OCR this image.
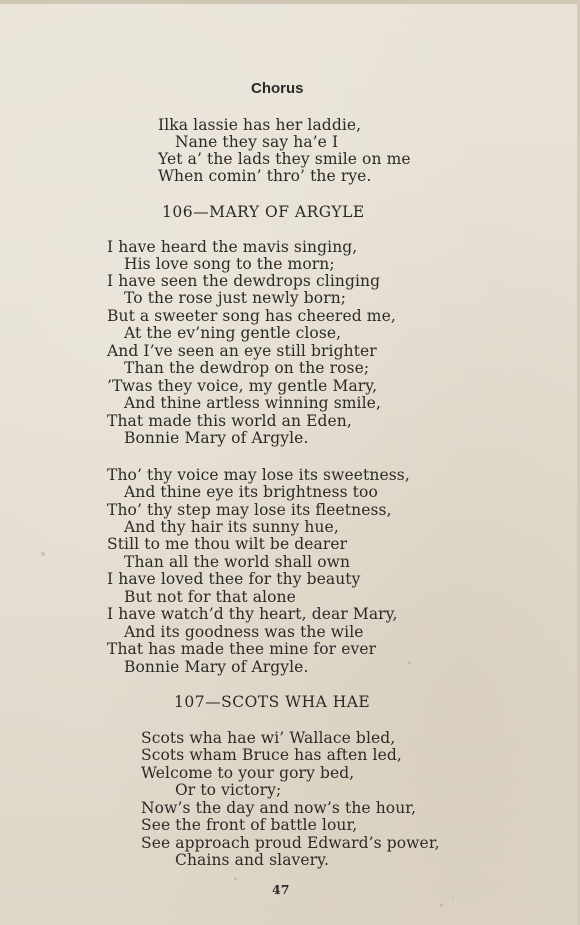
Chorus
Ilka lassie has her laddie,
Nane they say ha’e I
Yet a’ the lads they smile on me
When comin’ thro’ the rye.
106—MARY OF ARGYLE
I have heard the mavis singing,
His love song to the morn;
I have seen the dewdrops clinging
To the rose just newly born;
But a sweeter song has cheered me,
At the ev’ning gentle close,
And I’ve seen an eye still brighter
Than the dewdrop on the rose;
’Twas they voice, my gentle Mary,
And thine artless winning smile,
That made this world an Eden,
Bonnie Mary of Argyle.
Tho’ thy voice may lose its sweetness,
And thine eye its brightness too
Tho’ thy step may lose its fleetness,
And thy hair its sunny hue,
Still to me thou wilt be dearer
Than all the world shall own
I have loved thee for thy beauty
But not for that alone
I have watch’d thy heart, dear Mary,
And its goodness was the wile
That has made thee mine for ever
Bonnie Mary of Argyle.
107—SCOTS WHA HAE
Scots wha hae wi’ Wallace bled,
Scots wham Bruce has aften led,
Welcome to your gory bed,
Or to victory;
Now’s the day and now’s the hour,
See the front of battle lour,
See approach proud Edward’s power,
Chains and slavery.
47
